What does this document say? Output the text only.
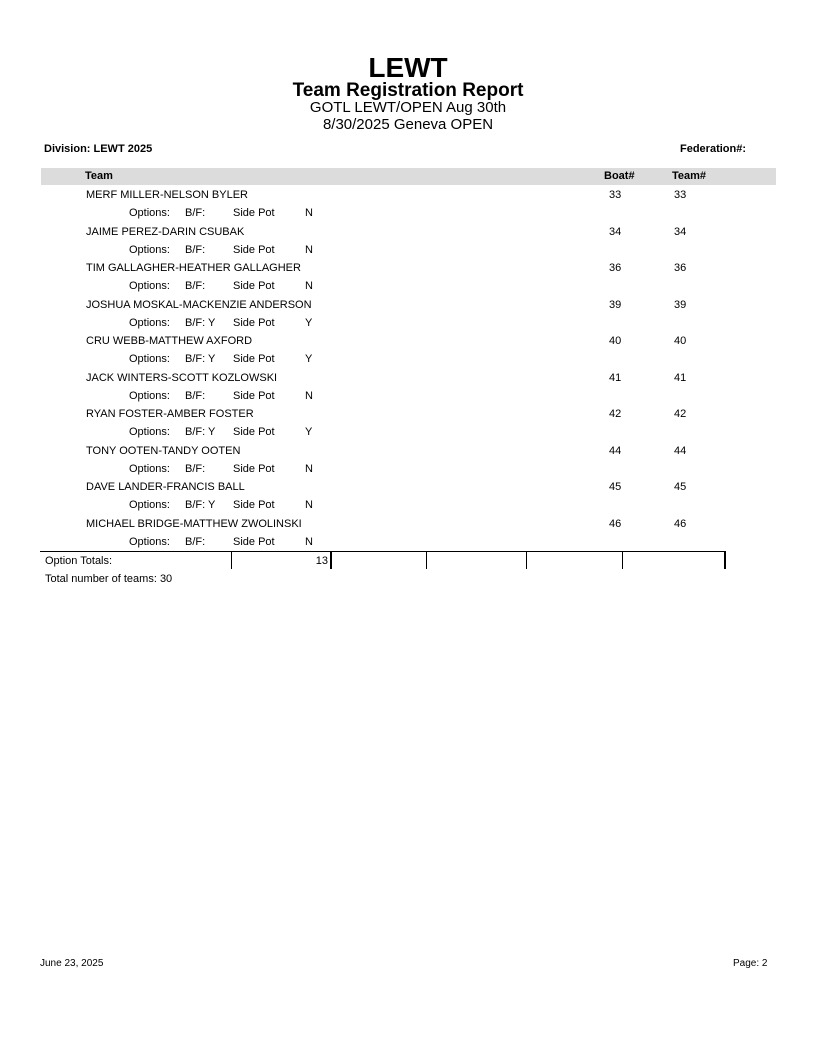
LEWT
Team Registration Report
GOTL LEWT/OPEN Aug 30th
8/30/2025 Geneva OPEN
Division: LEWT 2025	Federation#:
Team	Boat#	Team#
MERF MILLER-NELSON BYLER	33	33
Options: B/F:	Side Pot	N
JAIME PEREZ-DARIN CSUBAK	34	34
Options: B/F:	Side Pot	N
TIM GALLAGHER-HEATHER GALLAGHER	36	36
Options: B/F:	Side Pot	N
JOSHUA MOSKAL-MACKENZIE ANDERSON	39	39
Options: B/F: Y Side Pot	Y
CRU WEBB-MATTHEW AXFORD	40	40
Options: B/F: Y Side Pot	Y
JACK WINTERS-SCOTT KOZLOWSKI	41	41
Options: B/F:	Side Pot	N
RYAN FOSTER-AMBER FOSTER	42	42
Options: B/F: Y Side Pot	Y
TONY OOTEN-TANDY OOTEN	44	44
Options: B/F:	Side Pot	N
DAVE LANDER-FRANCIS BALL	45	45
Options: B/F: Y Side Pot	N
MICHAEL BRIDGE-MATTHEW ZWOLINSKI	46	46
Options: B/F:	Side Pot	N
Option Totals:	13
Total number of teams: 30
June 23, 2025	Page: 2
